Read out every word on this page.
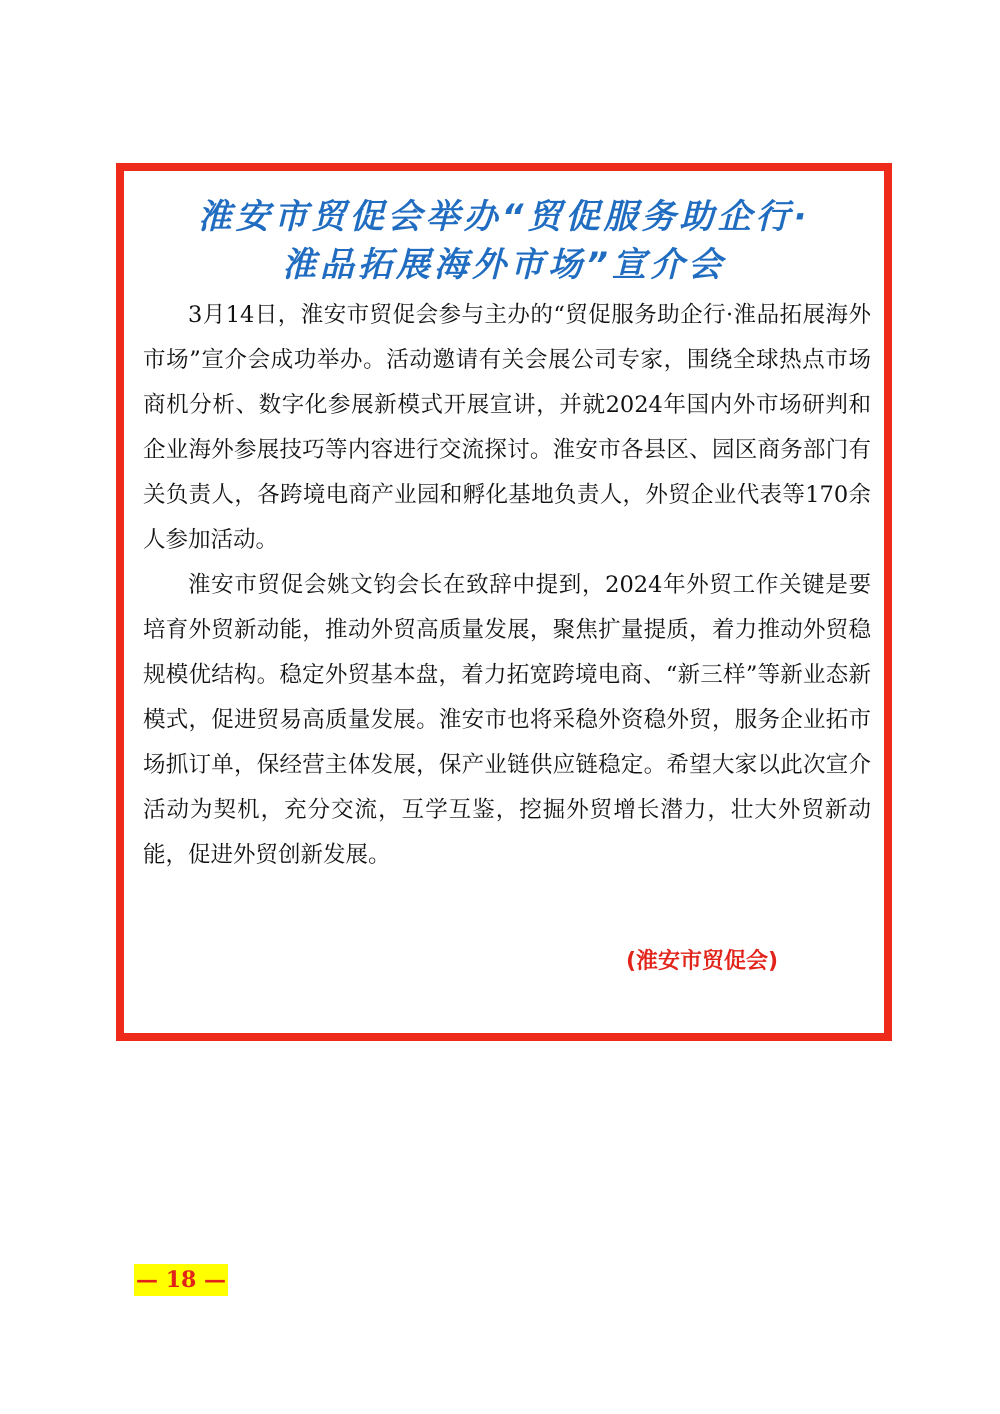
淮安市贸促会举办“贸促服务助企行·
淮品拓展海外市场”宣介会

3月14日，淮安市贸促会参与主办的“贸促服务助企行·淮品拓展海外市场”宣介会成功举办。活动邀请有关会展公司专家，围绕全球热点市场商机分析、数字化参展新模式开展宣讲，并就2024年国内外市场研判和企业海外参展技巧等内容进行交流探讨。淮安市各县区、园区商务部门有关负责人，各跨境电商产业园和孵化基地负责人，外贸企业代表等170余人参加活动。

淮安市贸促会姚文钧会长在致辞中提到，2024年外贸工作关键是要培育外贸新动能，推动外贸高质量发展，聚焦扩量提质，着力推动外贸稳规模优结构。稳定外贸基本盘，着力拓宽跨境电商、“新三样”等新业态新模式，促进贸易高质量发展。淮安市也将采稳外资稳外贸，服务企业拓市场抓订单，保经营主体发展，保产业链供应链稳定。希望大家以此次宣介活动为契机，充分交流，互学互鉴，挖掘外贸增长潜力，壮大外贸新动能，促进外贸创新发展。

(淮安市贸促会)
— 18 —
